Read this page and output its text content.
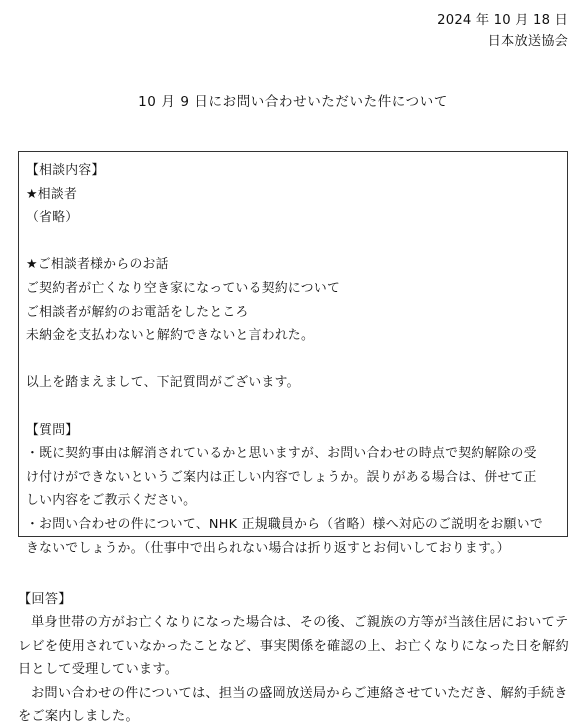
2024 年 10 月 18 日
日本放送協会
10 月 9 日にお問い合わせいただいた件について
【相談内容】
★相談者
（省略）
★ご相談者様からのお話
ご契約者が亡くなり空き家になっている契約について
ご相談者が解約のお電話をしたところ
未納金を支払わないと解約できないと言われた。
以上を踏まえまして、下記質問がございます。
【質問】
・既に契約事由は解消されているかと思いますが、お問い合わせの時点で契約解除の受
け付けができないというご案内は正しい内容でしょうか。誤りがある場合は、併せて正
しい内容をご教示ください。
・お問い合わせの件について、NHK 正規職員から（省略）様へ対応のご説明をお願いで
きないでしょうか。（仕事中で出られない場合は折り返すとお伺いしております。）
【回答】
単身世帯の方がお亡くなりになった場合は、その後、ご親族の方等が当該住居においてテレビを使用されていなかったことなど、事実関係を確認の上、お亡くなりになった日を解約日として受理しています。
お問い合わせの件については、担当の盛岡放送局からご連絡させていただき、解約手続きをご案内しました。
